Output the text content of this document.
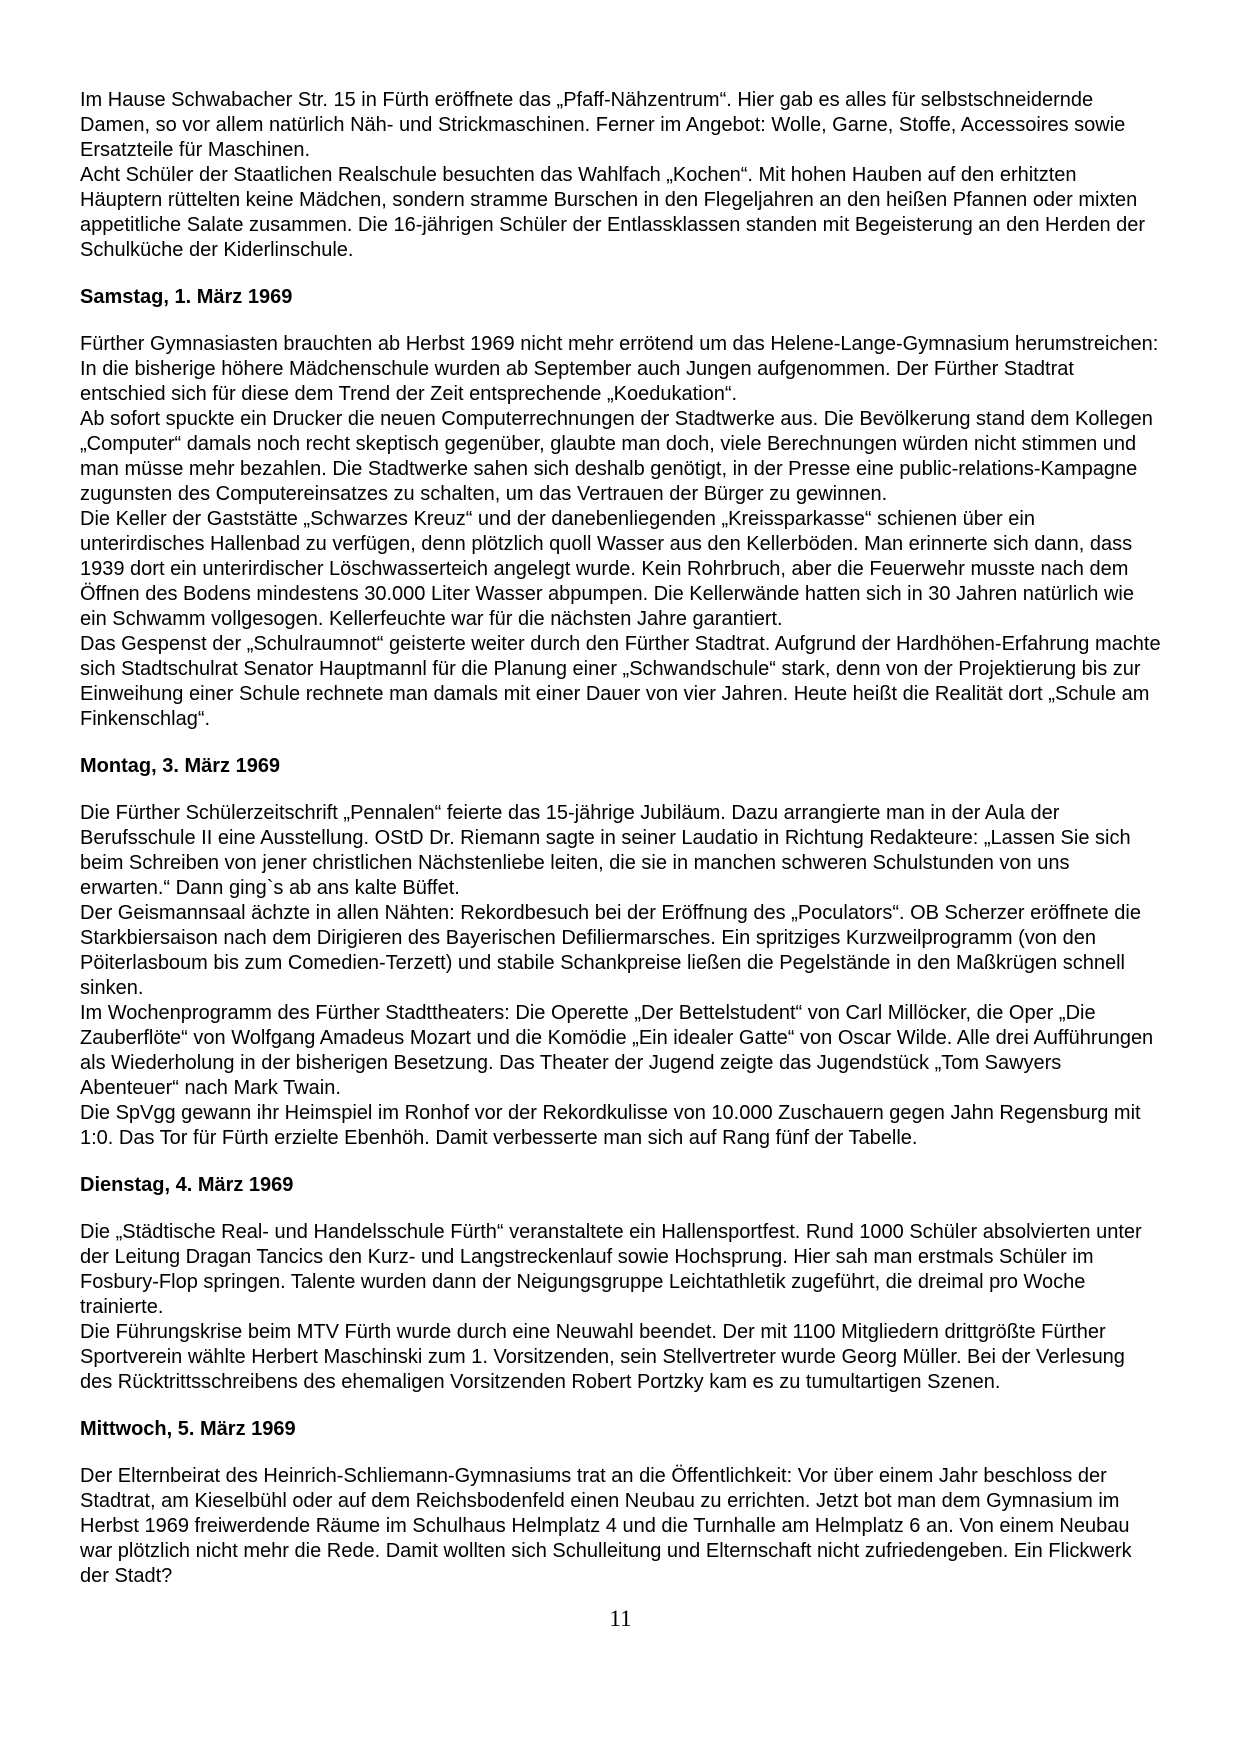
Im Hause Schwabacher Str. 15 in Fürth eröffnete das „Pfaff-Nähzentrum“. Hier gab es alles für selbstschneidernde Damen, so vor allem natürlich Näh- und Strickmaschinen. Ferner im Angebot: Wolle, Garne, Stoffe, Accessoires sowie Ersatzteile für Maschinen.

Acht Schüler der Staatlichen Realschule besuchten das Wahlfach „Kochen“. Mit hohen Hauben auf den erhitzten Häuptern rüttelten keine Mädchen, sondern stramme Burschen in den Flegeljahren an den heißen Pfannen oder mixten appetitliche Salate zusammen. Die 16-jährigen Schüler der Entlassklassen standen mit Begeisterung an den Herden der Schulküche der Kiderlinschule.

Samstag, 1. März 1969

Fürther Gymnasiasten brauchten ab Herbst 1969 nicht mehr errötend um das Helene-Lange-Gymnasium herumstreichen: In die bisherige höhere Mädchenschule wurden ab September auch Jungen aufgenommen. Der Fürther Stadtrat entschied sich für diese dem Trend der Zeit entsprechende „Koedukation“.

Ab sofort spuckte ein Drucker die neuen Computerrechnungen der Stadtwerke aus. Die Bevölkerung stand dem Kollegen „Computer“ damals noch recht skeptisch gegenüber, glaubte man doch, viele Berechnungen würden nicht stimmen und man müsse mehr bezahlen. Die Stadtwerke sahen sich deshalb genötigt, in der Presse eine public-relations-Kampagne zugunsten des Computereinsatzes zu schalten, um das Vertrauen der Bürger zu gewinnen.

Die Keller der Gaststätte „Schwarzes Kreuz“ und der danebenliegenden „Kreissparkasse“ schienen über ein unterirdisches Hallenbad zu verfügen, denn plötzlich quoll Wasser aus den Kellerböden. Man erinnerte sich dann, dass 1939 dort ein unterirdischer Löschwasserteich angelegt wurde. Kein Rohrbruch, aber die Feuerwehr musste nach dem Öffnen des Bodens mindestens 30.000 Liter Wasser abpumpen. Die Kellerwände hatten sich in 30 Jahren natürlich wie ein Schwamm vollgesogen. Kellerfeuchte war für die nächsten Jahre garantiert.

Das Gespenst der „Schulraumnot“ geisterte weiter durch den Fürther Stadtrat. Aufgrund der Hardhöhen-Erfahrung machte sich Stadtschulrat Senator Hauptmannl für die Planung einer „Schwandschule“ stark, denn von der Projektierung bis zur Einweihung einer Schule rechnete man damals mit einer Dauer von vier Jahren. Heute heißt die Realität dort „Schule am Finkenschlag“.

Montag, 3. März 1969

Die Fürther Schülerzeitschrift „Pennalen“ feierte das 15-jährige Jubiläum. Dazu arrangierte man in der Aula der Berufsschule II eine Ausstellung. OStD Dr. Riemann sagte in seiner Laudatio in Richtung Redakteure: „Lassen Sie sich beim Schreiben von jener christlichen Nächstenliebe leiten, die sie in manchen schweren Schulstunden von uns erwarten.“ Dann ging`s ab ans kalte Büffet.

Der Geismannsaal ächzte in allen Nähten: Rekordbesuch bei der Eröffnung des „Poculators“. OB Scherzer eröffnete die Starkbiersaison nach dem Dirigieren des Bayerischen Defiliermarsches. Ein spritziges Kurzweilprogramm (von den Pöiterlasboum bis zum Comedien-Terzett) und stabile Schankpreise ließen die Pegelstände in den Maßkrügen schnell sinken.

Im Wochenprogramm des Fürther Stadttheaters: Die Operette „Der Bettelstudent“ von Carl Millöcker, die Oper „Die Zauberflöte“ von Wolfgang Amadeus Mozart und die Komödie „Ein idealer Gatte“ von Oscar Wilde. Alle drei Aufführungen als Wiederholung in der bisherigen Besetzung. Das Theater der Jugend zeigte das Jugendstück „Tom Sawyers Abenteuer“ nach Mark Twain.

Die SpVgg gewann ihr Heimspiel im Ronhof vor der Rekordkulisse von 10.000 Zuschauern gegen Jahn Regensburg mit 1:0. Das Tor für Fürth erzielte Ebenhöh. Damit verbesserte man sich auf Rang fünf der Tabelle.

Dienstag, 4. März 1969

Die „Städtische Real- und Handelsschule Fürth“ veranstaltete ein Hallensportfest. Rund 1000 Schüler absolvierten unter der Leitung Dragan Tancics den Kurz- und Langstreckenlauf sowie Hochsprung. Hier sah man erstmals Schüler im Fosbury-Flop springen. Talente wurden dann der Neigungsgruppe Leichtathletik zugeführt, die dreimal pro Woche trainierte.

Die Führungskrise beim MTV Fürth wurde durch eine Neuwahl beendet. Der mit 1100 Mitgliedern drittgrößte Fürther Sportverein wählte Herbert Maschinski zum 1. Vorsitzenden, sein Stellvertreter wurde Georg Müller. Bei der Verlesung des Rücktrittsschreibens des ehemaligen Vorsitzenden Robert Portzky kam es zu tumultartigen Szenen.

Mittwoch, 5. März 1969

Der Elternbeirat des Heinrich-Schliemann-Gymnasiums trat an die Öffentlichkeit: Vor über einem Jahr beschloss der Stadtrat, am Kieselbühl oder auf dem Reichsbodenfeld einen Neubau zu errichten. Jetzt bot man dem Gymnasium im Herbst 1969 freiwerdende Räume im Schulhaus Helmplatz 4 und die Turnhalle am Helmplatz 6 an. Von einem Neubau war plötzlich nicht mehr die Rede. Damit wollten sich Schulleitung und Elternschaft nicht zufriedengeben. Ein Flickwerk der Stadt?

11
